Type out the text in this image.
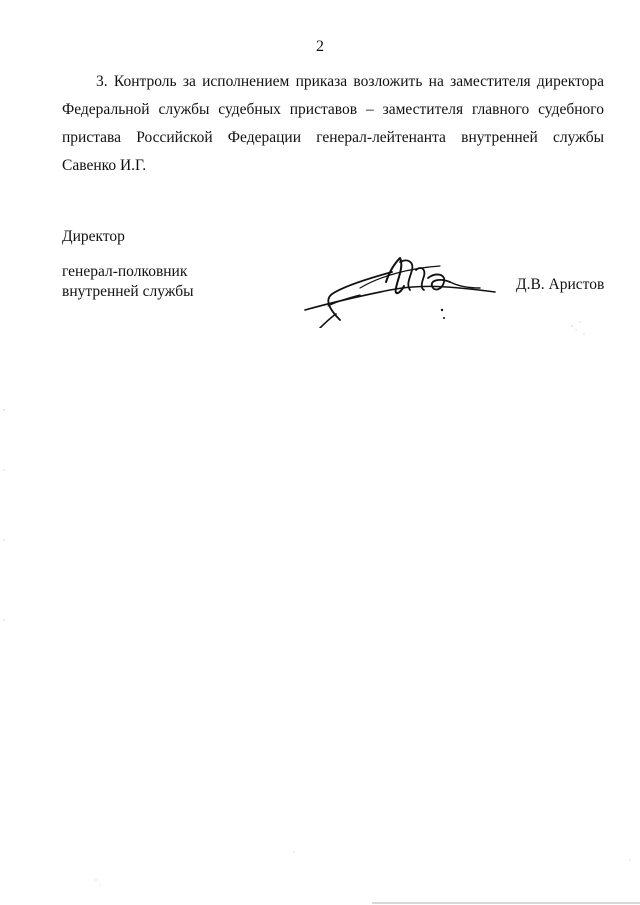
2
3. Контроль за исполнением приказа возложить на заместителя директора
Федеральной службы судебных приставов – заместителя главного судебного
пристава Российской Федерации генерал-лейтенанта внутренней службы
Савенко И.Г.
Директор
генерал-полковник
внутренней службы	Д.В. Аристов
